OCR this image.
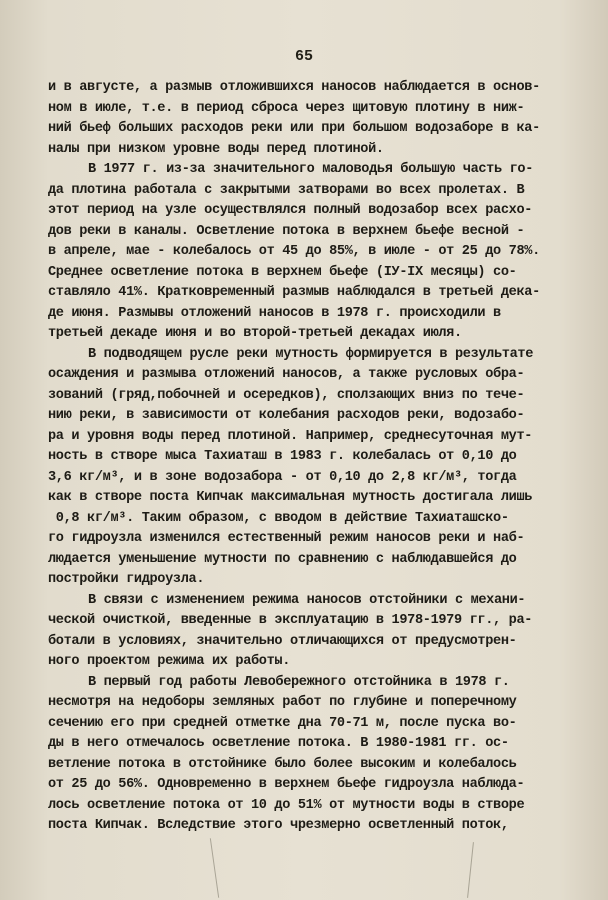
65
и в августе, а размыв отложившихся наносов наблюдается в основ-
ном в июле, т.е. в период сброса через щитовую плотину в ниж-
ний бьеф больших расходов реки или при большом водозаборе в ка-
налы при низком уровне воды перед плотиной.
В 1977 г. из-за значительного маловодья большую часть го-
да плотина работала с закрытыми затворами во всех пролетах. В
этот период на узле осуществлялся полный водозабор всех расхо-
дов реки в каналы. Осветление потока в верхнем бьефе весной -
в апреле, мае - колебалось от 45 до 85%, в июле - от 25 до 78%.
Среднее осветление потока в верхнем бьефе (IУ-IX месяцы) со-
ставляло 41%. Кратковременный размыв наблюдался в третьей дека-
де июня. Размывы отложений наносов в 1978 г. происходили в
третьей декаде июня и во второй-третьей декадах июля.
В подводящем русле реки мутность формируется в результате
осаждения и размыва отложений наносов, а также русловых обра-
зований (гряд,побочней и осередков), сползающих вниз по тече-
нию реки, в зависимости от колебания расходов реки, водозабо-
ра и уровня воды перед плотиной. Например, среднесуточная мут-
ность в створе мыса Тахиаташ в 1983 г. колебалась от 0,10 до
3,6 кг/м³, и в зоне водозабора - от 0,10 до 2,8 кг/м³, тогда
как в створе поста Кипчак максимальная мутность достигала лишь
0,8 кг/м³. Таким образом, с вводом в действие Тахиаташско-
го гидроузла изменился естественный режим наносов реки и наб-
людается уменьшение мутности по сравнению с наблюдавшейся до
постройки гидроузла.
В связи с изменением режима наносов отстойники с механи-
ческой очисткой, введенные в эксплуатацию в 1978-1979 гг., ра-
ботали в условиях, значительно отличающихся от предусмотрен-
ного проектом режима их работы.
В первый год работы Левобережного отстойника в 1978 г.
несмотря на недоборы земляных работ по глубине и поперечному
сечению его при средней отметке дна 70-71 м, после пуска во-
ды в него отмечалось осветление потока. В 1980-1981 гг. ос-
ветление потока в отстойнике было более высоким и колебалось
от 25 до 56%. Одновременно в верхнем бьефе гидроузла наблюда-
лось осветление потока от 10 до 51% от мутности воды в створе
поста Кипчак. Вследствие этого чрезмерно осветленный поток,
